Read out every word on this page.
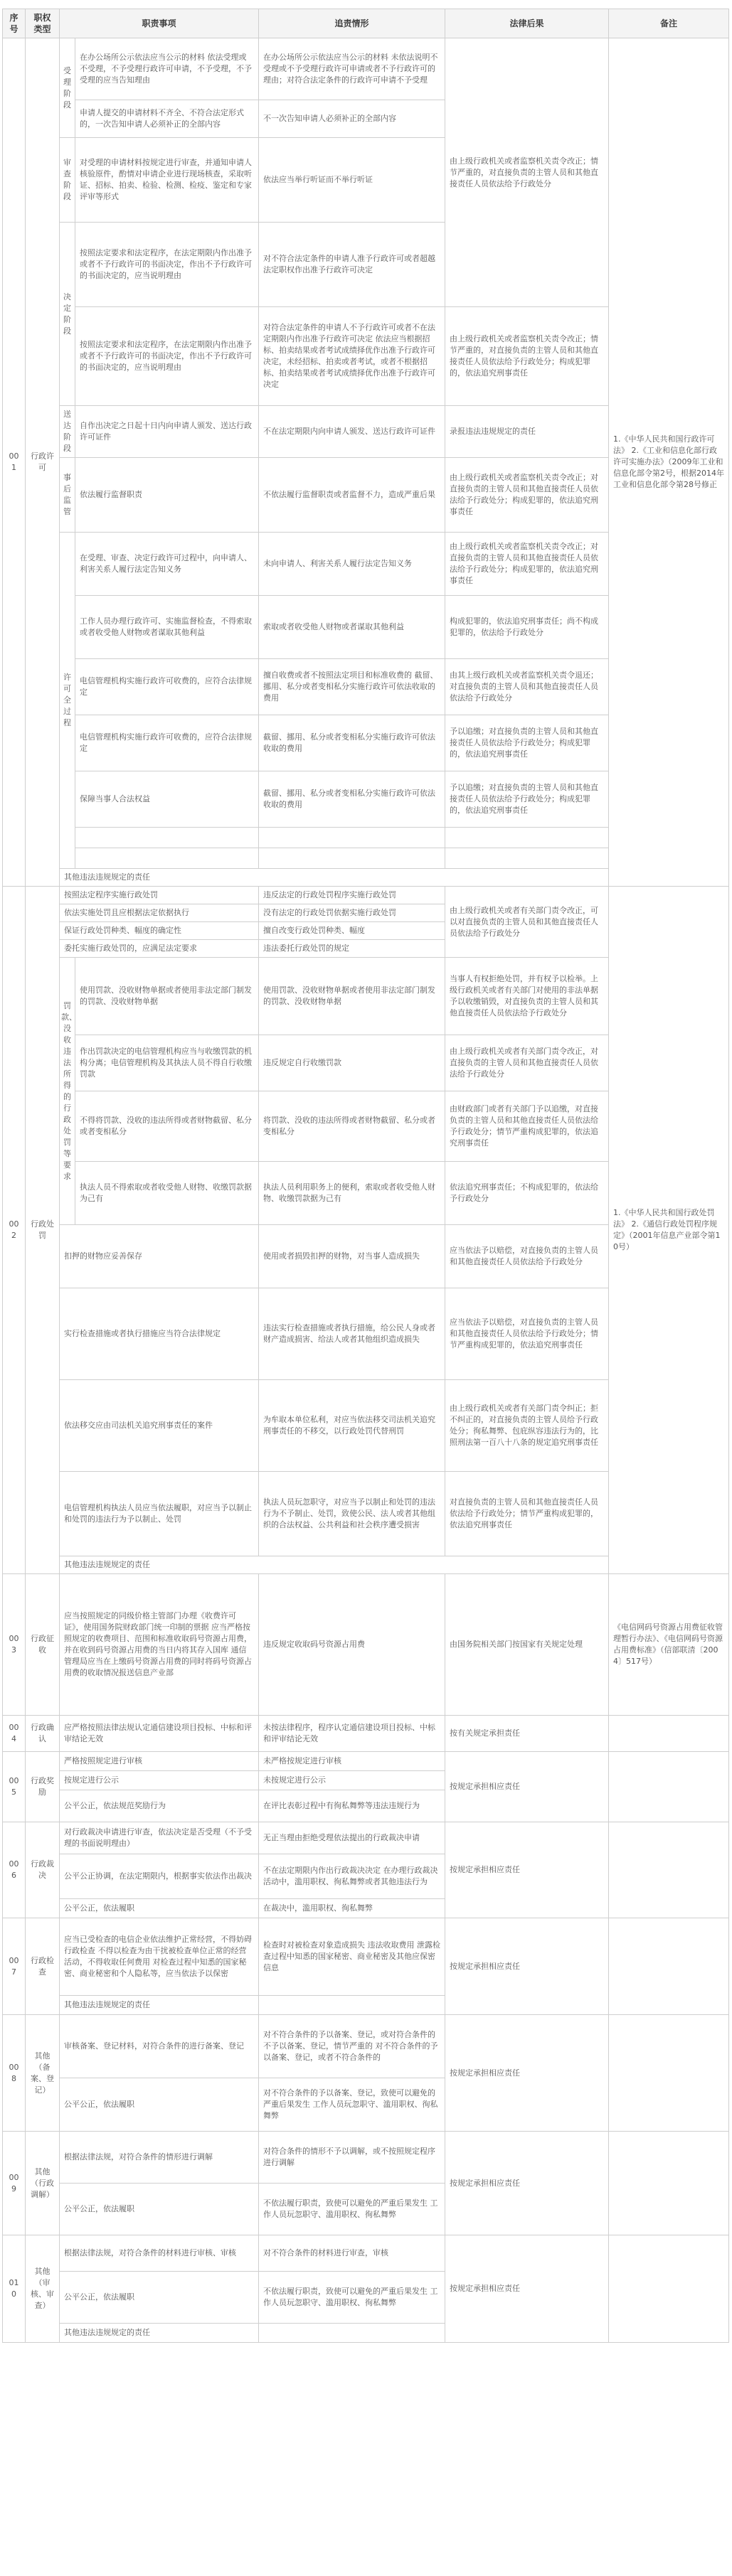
序号	职权类型	职责事项		追责情形	法律后果	备注
001	行政许可	受理阶段	在办公场所公示依法应当公示的材料 依法受理或不受理，不予受理行政许可申请，不予受理，不予受理的应当告知理由	在办公场所公示依法应当公示的材料 未依法说明不受理或不予受理行政许可申请或者不予行政许可的理由；对符合法定条件的行政许可申请不予受理	由上级行政机关或者监察机关责令改正；情节严重的，对直接负责的主管人员和其他直接责任人员依法给予行政处分	1.《中华人民共和国行政许可法》 2.《工业和信息化部行政许可实施办法》（2009年工业和信息化部令第2号，根据2014年工业和信息化部令第28号修正
			申请人提交的申请材料不齐全、不符合法定形式的，一次告知申请人必须补正的全部内容	不一次告知申请人必须补正的全部内容		
		审查阶段	对受理的申请材料按规定进行审查，并通知申请人核验原件，酌情对申请企业进行现场核查，采取听证、招标、拍卖、检验、检测、检疫、鉴定和专家评审等形式	依法应当举行听证而不举行听证		
		决定阶段	按照法定要求和法定程序，在法定期限内作出准予或者不予行政许可的书面决定，作出不予行政许可的书面决定的，应当说明理由	对不符合法定条件的申请人准予行政许可或者超越法定职权作出准予行政许可决定		
			按照法定要求和法定程序，在法定期限内作出准予或者不予行政许可的书面决定，作出不予行政许可的书面决定的，应当说明理由	对符合法定条件的申请人不予行政许可或者不在法定期限内作出准予行政许可决定 依法应当根据招标、拍卖结果或者考试成绩择优作出准予行政许可决定，未经招标、拍卖或者考试，或者不根据招标、拍卖结果或者考试成绩择优作出准予行政许可决定	由上级行政机关或者监察机关责令改正；情节严重的，对直接负责的主管人员和其他直接责任人员依法给予行政处分；构成犯罪的，依法追究刑事责任	
		送达阶段	自作出决定之日起十日内向申请人颁发、送达行政许可证件	不在法定期限内向申请人颁发、送达行政许可证件	录报违法违规规定的责任	
		事后监管	依法履行监督职责	不依法履行监督职责或者监督不力，造成严重后果	由上级行政机关或者监察机关责令改正；对直接负责的主管人员和其他直接责任人员依法给予行政处分；构成犯罪的，依法追究刑事责任	
		许可全过程	在受理、审查、决定行政许可过程中，向申请人、利害关系人履行法定告知义务	未向申请人、利害关系人履行法定告知义务	由上级行政机关或者监察机关责令改正；对直接负责的主管人员和其他直接责任人员依法给予行政处分；构成犯罪的，依法追究刑事责任	
			工作人员办理行政许可、实施监督检查，不得索取或者收受他人财物或者谋取其他利益	索取或者收受他人财物或者谋取其他利益	构成犯罪的，依法追究刑事责任；尚不构成犯罪的，依法给予行政处分	
			电信管理机构实施行政许可收费的，应符合法律规定	擅自收费或者不按照法定项目和标准收费的 截留、挪用、私分或者变相私分实施行政许可依法收取的费用	由其上级行政机关或者监察机关责令退还；对直接负责的主管人员和其他直接责任人员依法给予行政处分	
			电信管理机构实施行政许可收费的，应符合法律规定	截留、挪用、私分或者变相私分实施行政许可依法收取的费用	予以追缴；对直接负责的主管人员和其他直接责任人员依法给予行政处分；构成犯罪的，依法追究刑事责任	
			保障当事人合法权益	截留、挪用、私分或者变相私分实施行政许可依法收取的费用	予以追缴；对直接负责的主管人员和其他直接责任人员依法给予行政处分；构成犯罪的，依法追究刑事责任	

		其他违法违规规定的责任				
002	行政处罚	按照法定程序实施行政处罚		违反法定的行政处罚程序实施行政处罚	由上级行政机关或者有关部门责令改正，可以对直接负责的主管人员和其他直接责任人员依法给予行政处分	1.《中华人民共和国行政处罚法》 2.《通信行政处罚程序规定》（2001年信息产业部令第10号）
		依法实施处罚且应根据法定依据执行		没有法定的行政处罚依据实施行政处罚		
		保证行政处罚种类、幅度的确定性		擅自改变行政处罚种类、幅度		
		委托实施行政处罚的，应满足法定要求		违法委托行政处罚的规定		
		罚款、没收违法所得的行政处罚等要求	使用罚款、没收财物单据或者使用非法定部门制发的罚款、没收财物单据	使用罚款、没收财物单据或者使用非法定部门制发的罚款、没收财物单据	当事人有权拒绝处罚，并有权予以检举。上级行政机关或者有关部门对使用的非法单据予以收缴销毁，对直接负责的主管人员和其他直接责任人员依法给予行政处分	
			作出罚款决定的电信管理机构应当与收缴罚款的机构分离；电信管理机构及其执法人员不得自行收缴罚款	违反规定自行收缴罚款	由上级行政机关或者有关部门责令改正，对直接负责的主管人员和其他直接责任人员依法给予行政处分	
			不得将罚款、没收的违法所得或者财物截留、私分或者变相私分	将罚款、没收的违法所得或者财物截留、私分或者变相私分	由财政部门或者有关部门予以追缴，对直接负责的主管人员和其他直接责任人员依法给予行政处分；情节严重构成犯罪的，依法追究刑事责任	
			执法人员不得索取或者收受他人财物、收缴罚款据为己有	执法人员利用职务上的便利，索取或者收受他人财物、收缴罚款据为己有	依法追究刑事责任；不构成犯罪的，依法给予行政处分	
		扣押的财物应妥善保存		使用或者损毁扣押的财物，对当事人造成损失	应当依法予以赔偿，对直接负责的主管人员和其他直接责任人员依法给予行政处分	
		实行检查措施或者执行措施应当符合法律规定		违法实行检查措施或者执行措施，给公民人身或者财产造成损害、给法人或者其他组织造成损失	应当依法予以赔偿，对直接负责的主管人员和其他直接责任人员依法给予行政处分；情节严重构成犯罪的，依法追究刑事责任	
		依法移交应由司法机关追究刑事责任的案件		为牟取本单位私利，对应当依法移交司法机关追究刑事责任的不移交，以行政处罚代替刑罚	由上级行政机关或者有关部门责令纠正；拒不纠正的，对直接负责的主管人员给予行政处分；徇私舞弊、包庇纵容违法行为的，比照刑法第一百八十八条的规定追究刑事责任	
		电信管理机构执法人员应当依法履职，对应当予以制止和处罚的违法行为予以制止、处罚		执法人员玩忽职守，对应当予以制止和处罚的违法行为不予制止、处罚，致使公民、法人或者其他组织的合法权益、公共利益和社会秩序遭受损害	对直接负责的主管人员和其他直接责任人员依法给予行政处分；情节严重构成犯罪的，依法追究刑事责任	
		其他违法违规规定的责任				
003	行政征收	应当按照规定的同级价格主管部门办理《收费许可证》，使用国务院财政部门统一印制的票据 应当严格按照规定的收费项目、范围和标准收取码号资源占用费，并在收到码号资源占用费的当日内将其存入国库 通信管理局应当在上缴码号资源占用费的同时将码号资源占用费的收取情况报送信息产业部		违反规定收取码号资源占用费	由国务院相关部门按国家有关规定处理	《电信网码号资源占用费征收管理暂行办法》、《电信网码号资源占用费标准》（信部联清〔2004〕517号）
004	行政确认	应严格按照法律法规认定通信建设项目投标、中标和评审结论无效		未按法律程序，程序认定通信建设项目投标、中标和评审结论无效	按有关规定承担责任	
005	行政奖励	严格按照规定进行审核		未严格按规定进行审核	按规定承担相应责任	
		按规定进行公示		未按规定进行公示		
		公平公正，依法规范奖励行为		在评比表彰过程中有徇私舞弊等违法违规行为		
006	行政裁决	对行政裁决申请进行审查，依法决定是否受理（不予受理的书面说明理由）		无正当理由拒绝受理依法提出的行政裁决申请	按规定承担相应责任	
		公平公正协调，在法定期限内，根据事实依法作出裁决		不在法定期限内作出行政裁决决定 在办理行政裁决活动中，滥用职权、徇私舞弊或者其他违法行为		
		公平公正，依法履职		在裁决中，滥用职权、徇私舞弊		
007	行政检查	应当已受检查的电信企业依法维护正常经营，不得妨碍行政检查 不得以检查为由干扰被检查单位正常的经营活动，不得收取任何费用 对检查过程中知悉的国家秘密、商业秘密和个人隐私等，应当依法予以保密		检查时对被检查对象造成损失 违法收取费用 泄露检查过程中知悉的国家秘密、商业秘密及其他应保密信息	按规定承担相应责任	
		其他违法违规规定的责任				
008	其他（备案、登记）	审核备案、登记材料，对符合条件的进行备案、登记		对不符合条件的予以备案、登记，或对符合条件的不予以备案、登记，情节严重的 对不符合条件的予以备案、登记，或者不符合条件的	按规定承担相应责任	
		公平公正，依法履职		对不符合条件的予以备案、登记，致使可以避免的严重后果发生 工作人员玩忽职守、滥用职权、徇私舞弊		
009	其他（行政调解）	根据法律法规，对符合条件的情形进行调解		对符合条件的情形不予以调解，或不按照规定程序进行调解	按规定承担相应责任	
		公平公正，依法履职		不依法履行职责，致使可以避免的严重后果发生 工作人员玩忽职守、滥用职权、徇私舞弊		
010	其他（审核、审查）	根据法律法规，对符合条件的材料进行审核、审核		对不符合条件的材料进行审查，审核	按规定承担相应责任	
		公平公正，依法履职		不依法履行职责，致使可以避免的严重后果发生 工作人员玩忽职守、滥用职权、徇私舞弊		
		其他违法违规规定的责任				
